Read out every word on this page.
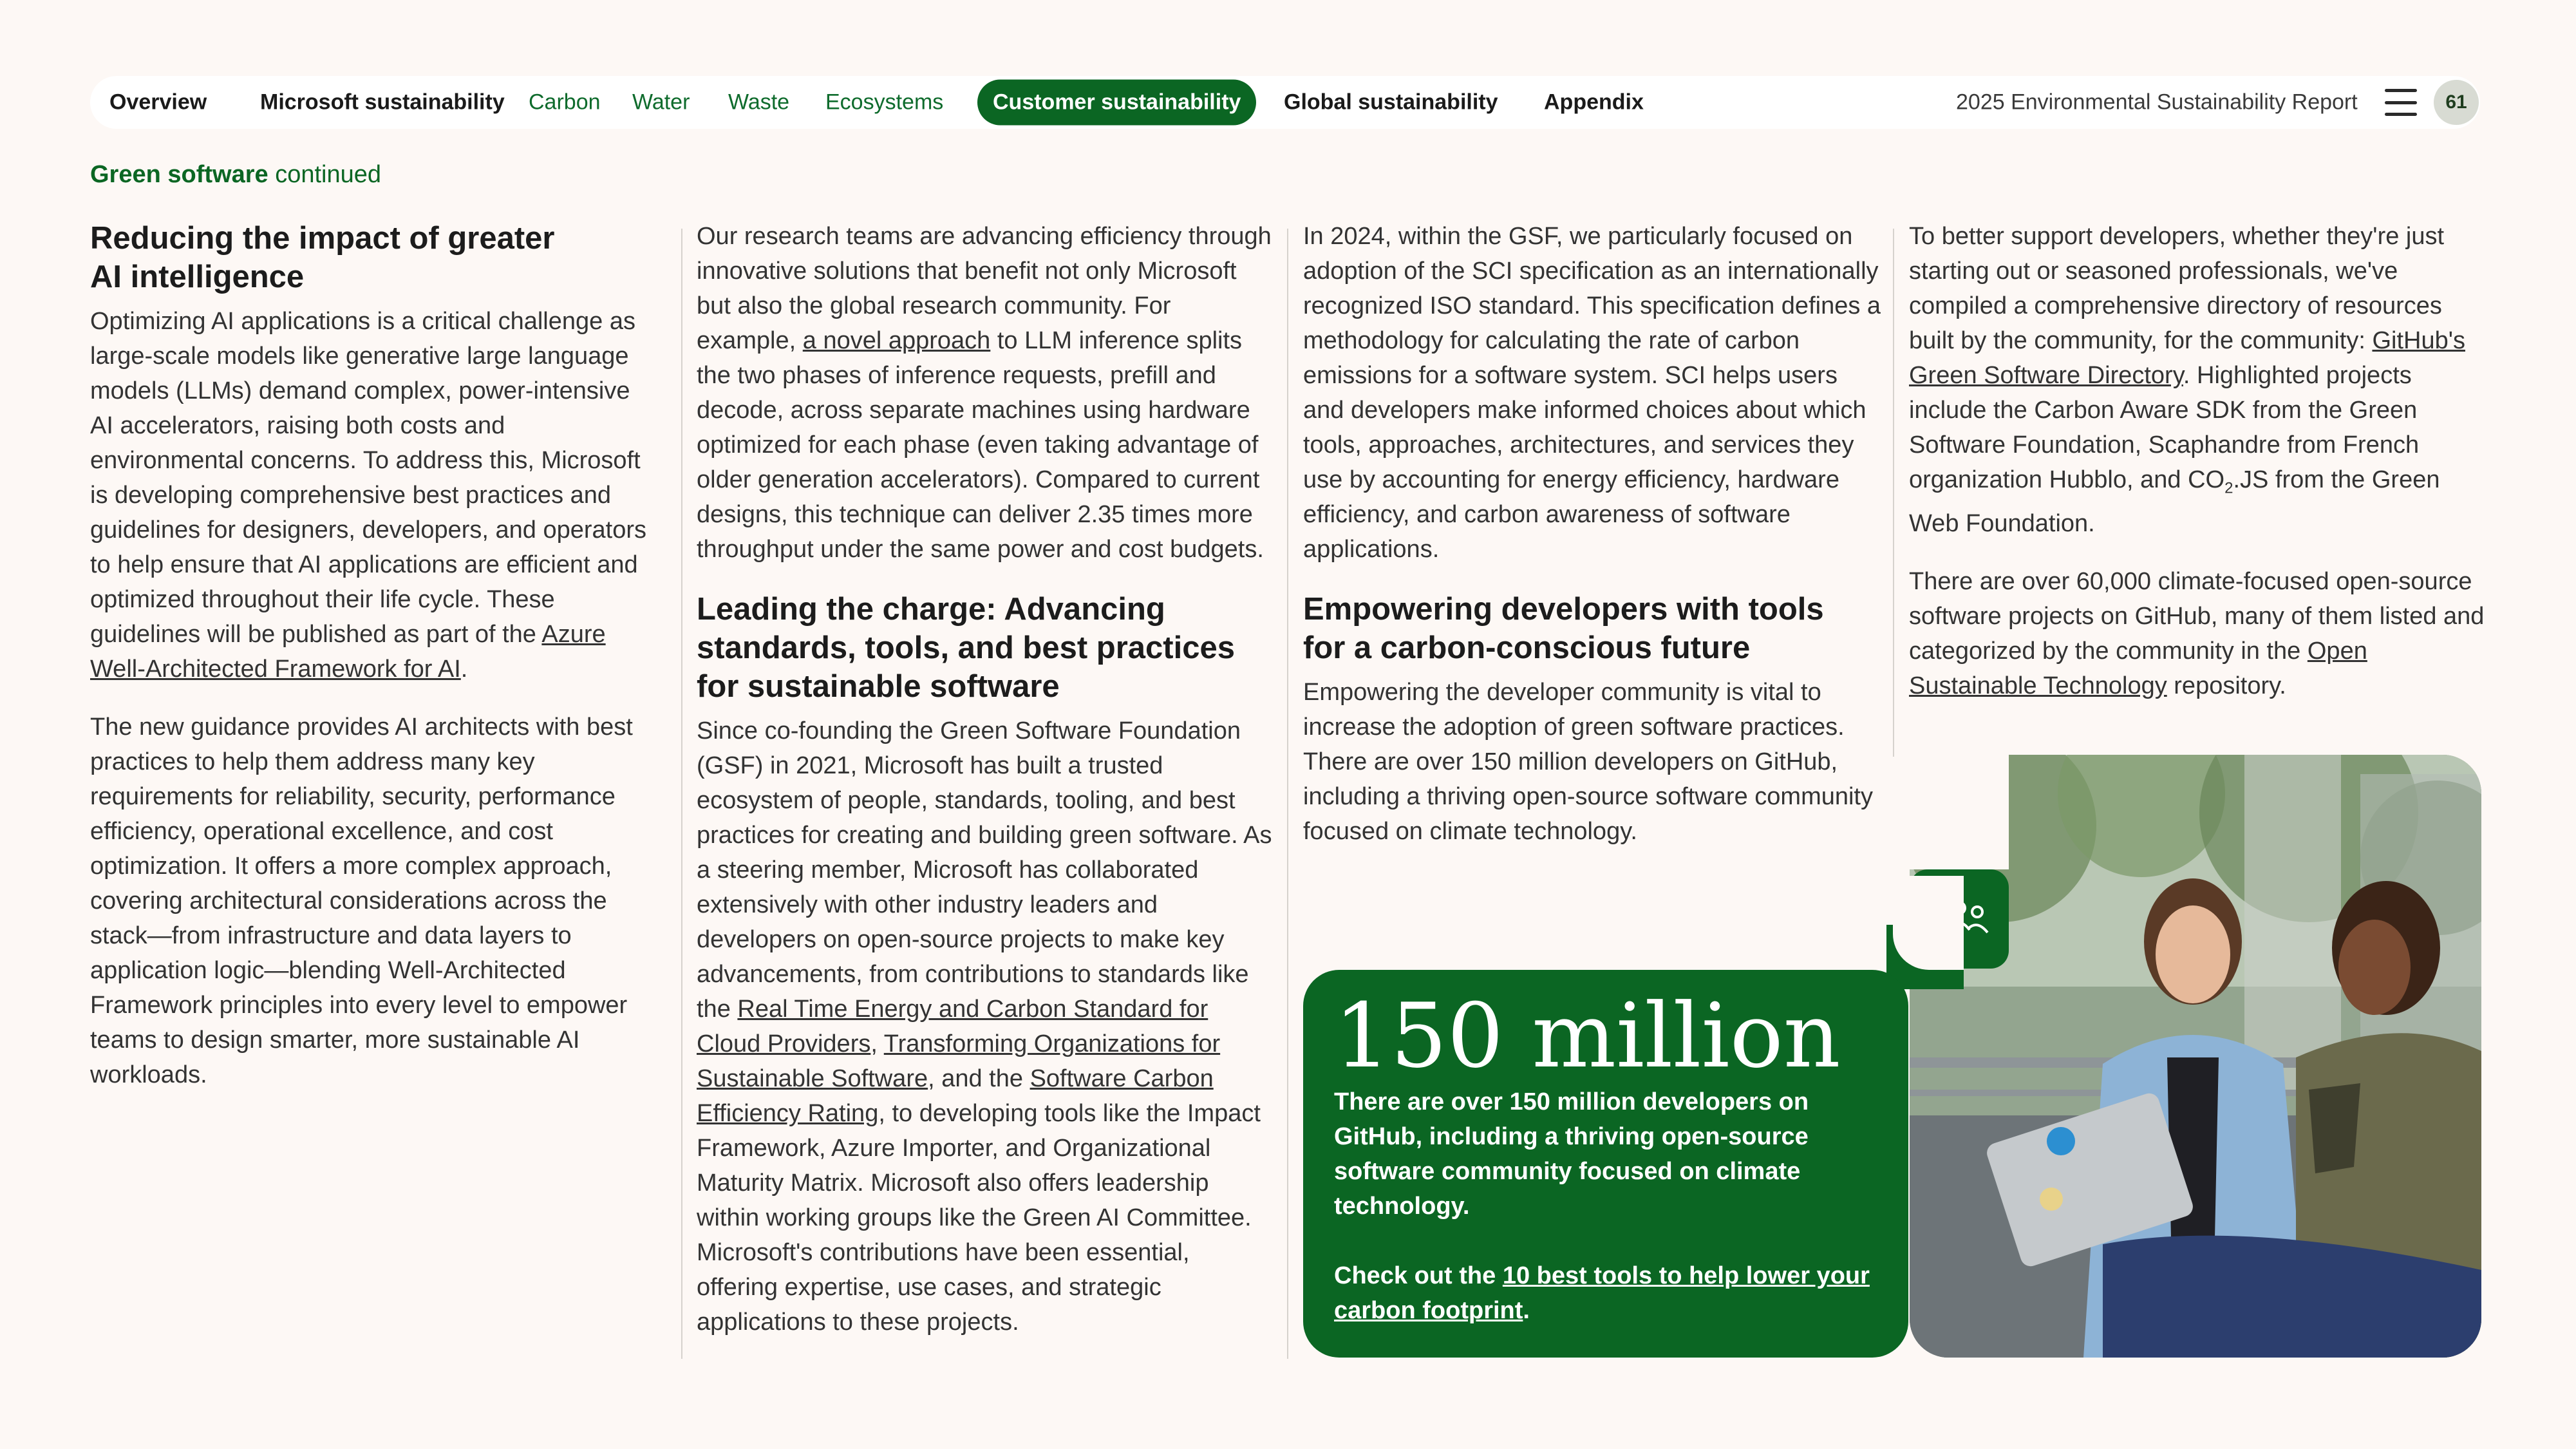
Overview Microsoft sustainability Carbon Water Waste Ecosystems	Customer sustainability	Global sustainability Appendix	2025 Environmental Sustainability Report	61
Green software continued
Reducing the impact of greater AI intelligence

Optimizing AI applications is a critical challenge as large-scale models like generative large language models (LLMs) demand complex, power-intensive AI accelerators, raising both costs and environmental concerns. To address this, Microsoft is developing comprehensive best practices and guidelines for designers, developers, and operators to help ensure that AI applications are efficient and optimized throughout their life cycle. These guidelines will be published as part of the Azure Well-Architected Framework for AI.

The new guidance provides AI architects with best practices to help them address many key requirements for reliability, security, performance efficiency, operational excellence, and cost optimization. It offers a more complex approach, covering architectural considerations across the stack—from infrastructure and data layers to application logic—blending Well-Architected Framework principles into every level to empower teams to design smarter, more sustainable AI workloads.

Our research teams are advancing efficiency through innovative solutions that benefit not only Microsoft but also the global research community. For example, a novel approach to LLM inference splits the two phases of inference requests, prefill and decode, across separate machines using hardware optimized for each phase (even taking advantage of older generation accelerators). Compared to current designs, this technique can deliver 2.35 times more throughput under the same power and cost budgets.

Leading the charge: Advancing standards, tools, and best practices for sustainable software

Since co-founding the Green Software Foundation (GSF) in 2021, Microsoft has built a trusted ecosystem of people, standards, tooling, and best practices for creating and building green software. As a steering member, Microsoft has collaborated extensively with other industry leaders and developers on open-source projects to make key advancements, from contributions to standards like the Real Time Energy and Carbon Standard for Cloud Providers, Transforming Organizations for Sustainable Software, and the Software Carbon Efficiency Rating, to developing tools like the Impact Framework, Azure Importer, and Organizational Maturity Matrix. Microsoft also offers leadership within working groups like the Green AI Committee. Microsoft's contributions have been essential, offering expertise, use cases, and strategic applications to these projects.

In 2024, within the GSF, we particularly focused on adoption of the SCI specification as an internationally recognized ISO standard. This specification defines a methodology for calculating the rate of carbon emissions for a software system. SCI helps users and developers make informed choices about which tools, approaches, architectures, and services they use by accounting for energy efficiency, hardware efficiency, and carbon awareness of software applications.

Empowering developers with tools for a carbon-conscious future

Empowering the developer community is vital to increase the adoption of green software practices. There are over 150 million developers on GitHub, including a thriving open-source software community focused on climate technology.

To better support developers, whether they're just starting out or seasoned professionals, we've compiled a comprehensive directory of resources built by the community, for the community: GitHub's Green Software Directory. Highlighted projects include the Carbon Aware SDK from the Green Software Foundation, Scaphandre from French organization Hubblo, and $CO_2.JS$ from the Green Web Foundation.

There are over 60,000 climate-focused open-source software projects on GitHub, many of them listed and categorized by the community in the Open Sustainable Technology repository.

150 million
There are over 150 million developers on GitHub, including a thriving open-source software community focused on climate technology.
Check out the 10 best tools to help lower your carbon footprint.
